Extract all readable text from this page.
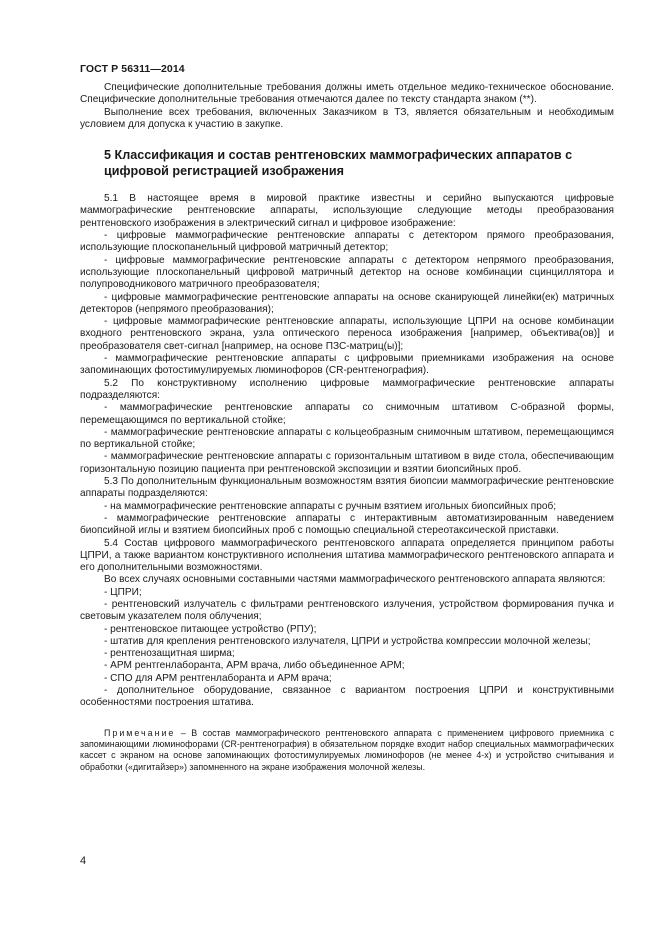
ГОСТ Р 56311—2014

Специфические дополнительные требования должны иметь отдельное медико-техническое обоснование. Специфические дополнительные требования отмечаются далее по тексту стандарта знаком (**).

Выполнение всех требования, включенных Заказчиком в ТЗ, является обязательным и необходимым условием для допуска к участию в закупке.

5 Классификация и состав рентгеновских маммографических аппаратов с цифровой регистрацией изображения

5.1 В настоящее время в мировой практике известны и серийно выпускаются цифровые маммографические рентгеновские аппараты, использующие следующие методы преобразования рентгеновского изображения в электрический сигнал и цифровое изображение:

- цифровые маммографические рентгеновские аппараты с детектором прямого преобразования, использующие плоскопанельный цифровой матричный детектор;

- цифровые маммографические рентгеновские аппараты с детектором непрямого преобразования, использующие плоскопанельный цифровой матричный детектор на основе комбинации сцинциллятора и полупроводникового матричного преобразователя;

- цифровые маммографические рентгеновские аппараты на основе сканирующей линейки(ек) матричных детекторов (непрямого преобразования);

- цифровые маммографические рентгеновские аппараты, использующие ЦПРИ на основе комбинации входного рентгеновского экрана, узла оптического переноса изображения [например, объектива(ов)] и преобразователя свет-сигнал [например, на основе ПЗС-матриц(ы)];

- маммографические рентгеновские аппараты с цифровыми приемниками изображения на основе запоминающих фотостимулируемых люминофоров (CR-рентгенография).

5.2 По конструктивному исполнению цифровые маммографические рентгеновские аппараты подразделяются:

- маммографические рентгеновские аппараты со снимочным штативом С-образной формы, перемещающимся по вертикальной стойке;

- маммографические рентгеновские аппараты с кольцеобразным снимочным штативом, перемещающимся по вертикальной стойке;

- маммографические рентгеновские аппараты с горизонтальным штативом в виде стола, обеспечивающим горизонтальную позицию пациента при рентгеновской экспозиции и взятии биопсийных проб.

5.3 По дополнительным функциональным возможностям взятия биопсии маммографические рентгеновские аппараты подразделяются:

- на маммографические рентгеновские аппараты с ручным взятием игольных биопсийных проб;

- маммографические рентгеновские аппараты с интерактивным автоматизированным наведением биопсийной иглы и взятием биопсийных проб с помощью специальной стереотаксической приставки.

5.4 Состав цифрового маммографического рентгеновского аппарата определяется принципом работы ЦПРИ, а также вариантом конструктивного исполнения штатива маммографического рентгеновского аппарата и его дополнительными возможностями.

Во всех случаях основными составными частями маммографического рентгеновского аппарата являются:

- ЦПРИ;

- рентгеновский излучатель с фильтрами рентгеновского излучения, устройством формирования пучка и световым указателем поля облучения;

- рентгеновское питающее устройство (РПУ);

- штатив для крепления рентгеновского излучателя, ЦПРИ и устройства компрессии молочной железы;

- рентгенозащитная ширма;

- АРМ рентгенлаборанта, АРМ врача, либо объединенное АРМ;

- СПО для АРМ рентгенлаборанта и АРМ врача;

- дополнительное оборудование, связанное с вариантом построения ЦПРИ и конструктивными особенностями построения штатива.

Примечание – В состав маммографического рентгеновского аппарата с применением цифрового приемника с запоминающими люминофорами (CR-рентгенография) в обязательном порядке входит набор специальных маммографических кассет с экраном на основе запоминающих фотостимулируемых люминофоров (не менее 4-х) и устройство считывания и обработки («дигитайзер») запомненного на экране изображения молочной железы.

4
